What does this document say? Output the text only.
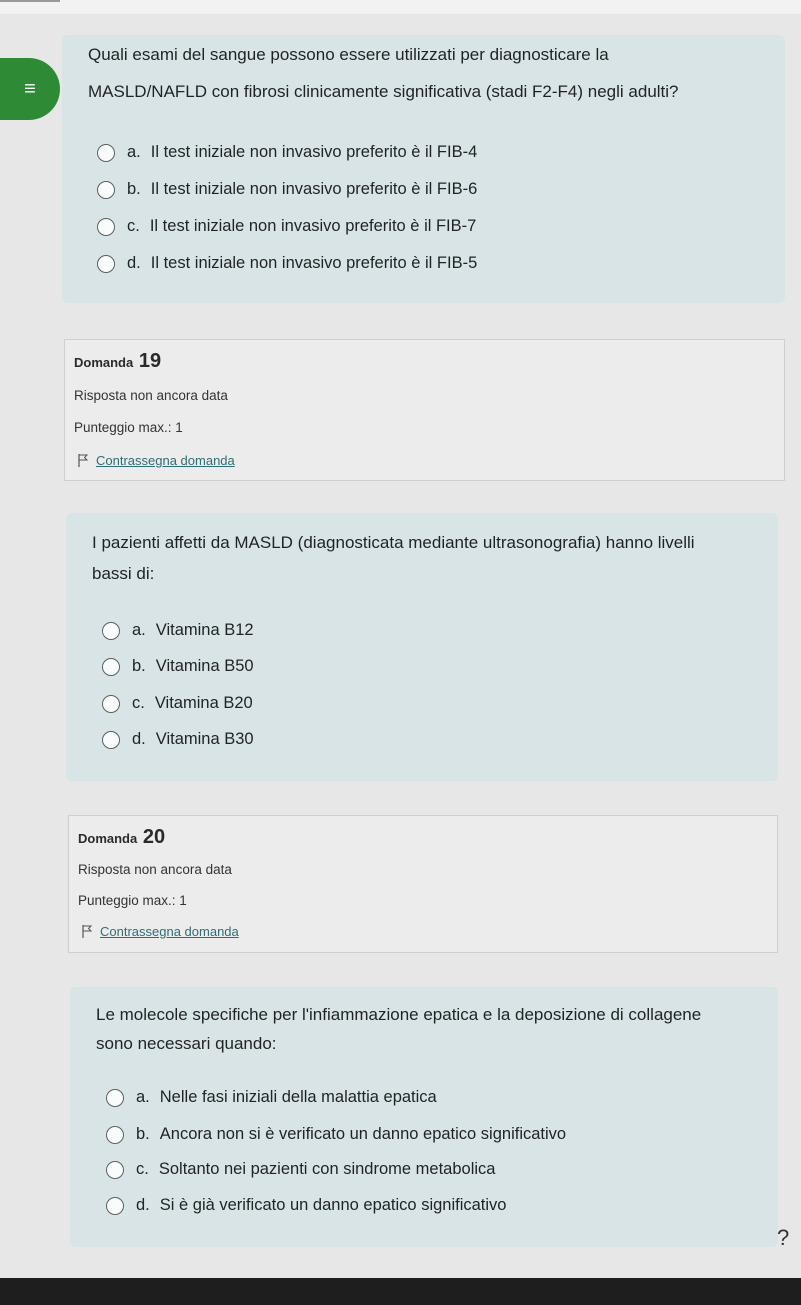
≡
Quali esami del sangue possono essere utilizzati per diagnosticare la
MASLD/NAFLD con fibrosi clinicamente significativa (stadi F2-F4) negli adulti?
a. Il test iniziale non invasivo preferito è il FIB-4
b. Il test iniziale non invasivo preferito è il FIB-6
c. Il test iniziale non invasivo preferito è il FIB-7
d. Il test iniziale non invasivo preferito è il FIB-5
Domanda 19
Risposta non ancora data
Punteggio max.: 1
Contrassegna domanda
I pazienti affetti da MASLD (diagnosticata mediante ultrasonografia) hanno livelli
bassi di:
a. Vitamina B12
b. Vitamina B50
c. Vitamina B20
d. Vitamina B30
Domanda 20
Risposta non ancora data
Punteggio max.: 1
Contrassegna domanda
Le molecole specifiche per l'infiammazione epatica e la deposizione di collagene
sono necessari quando:
a. Nelle fasi iniziali della malattia epatica
b. Ancora non si è verificato un danno epatico significativo
c. Soltanto nei pazienti con sindrome metabolica
d. Si è già verificato un danno epatico significativo
?
